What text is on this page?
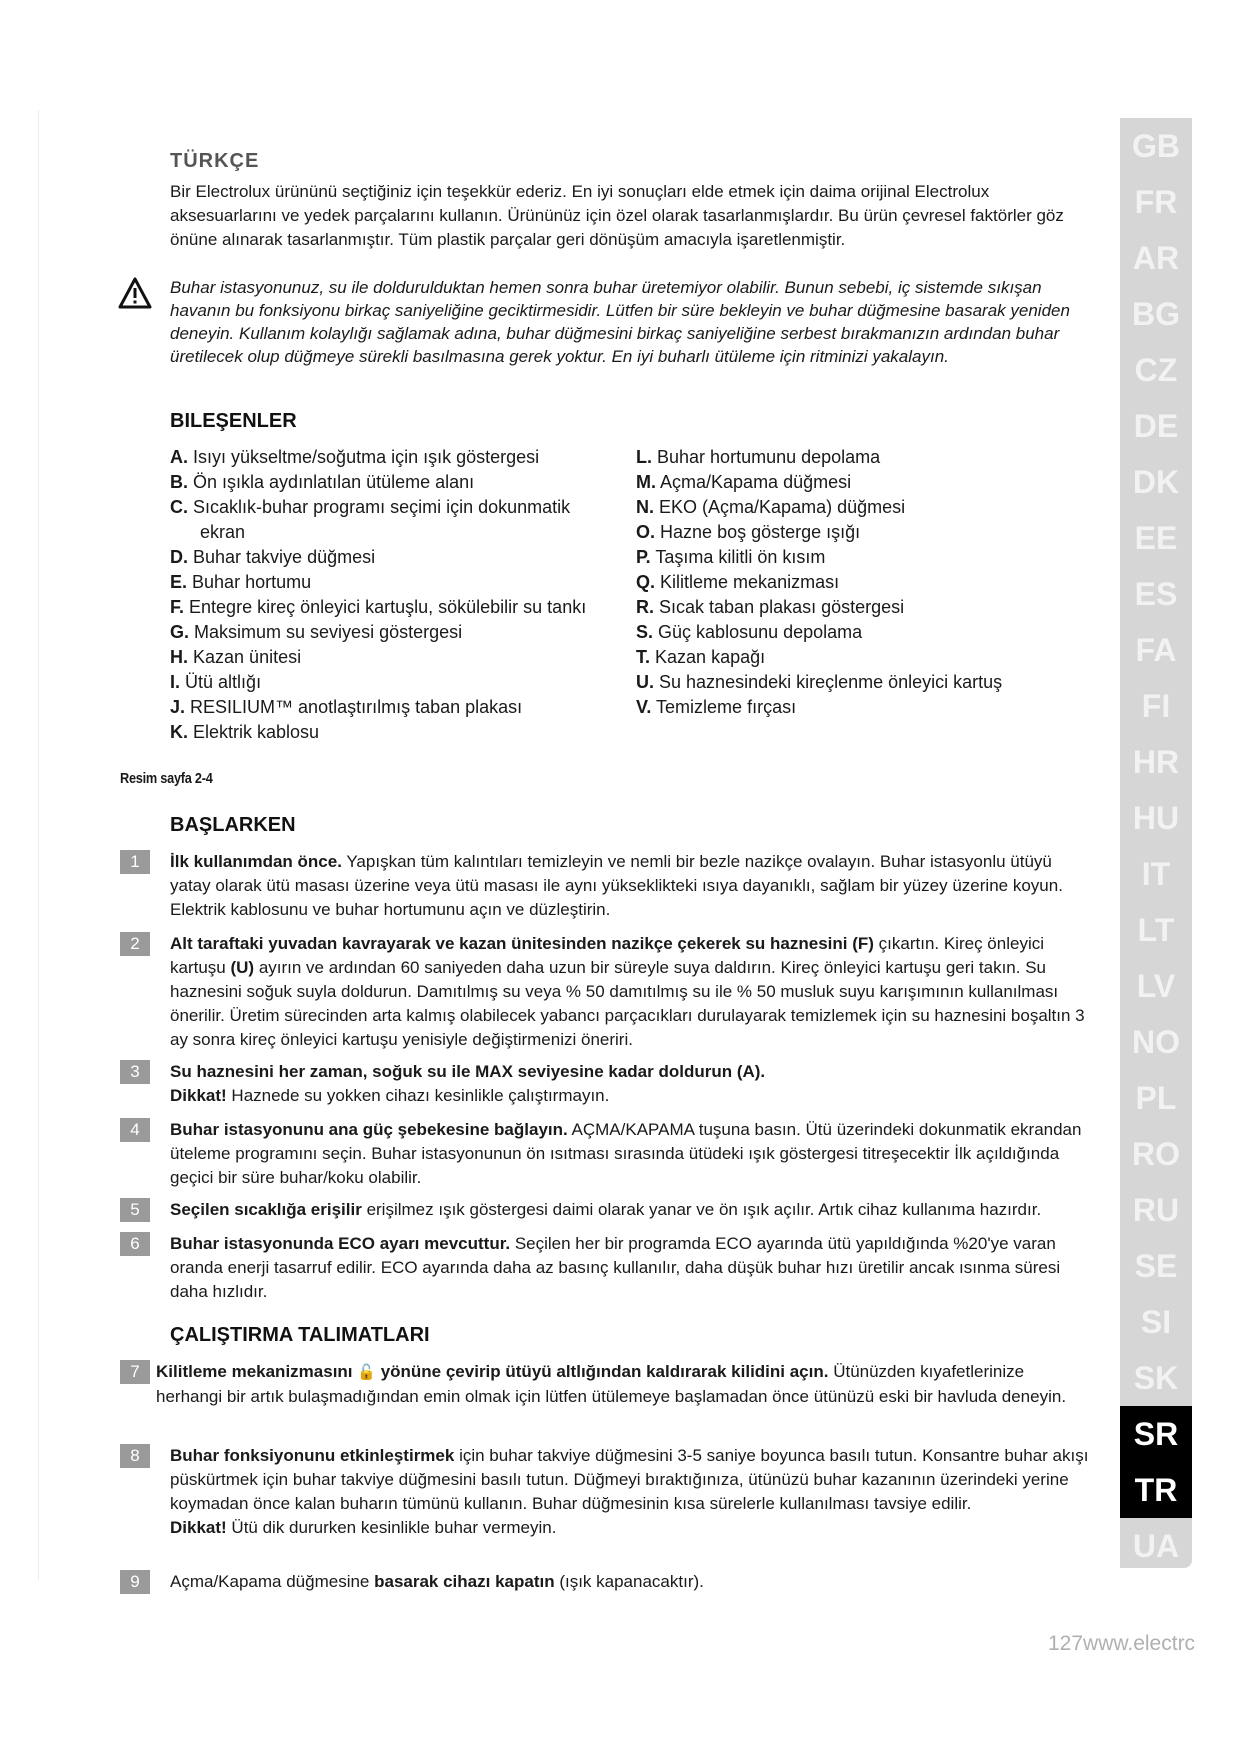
TÜRKÇE

Bir Electrolux ürününü seçtiğiniz için teşekkür ederiz. En iyi sonuçları elde etmek için daima orijinal Electrolux aksesuarlarını ve yedek parçalarını kullanın. Ürününüz için özel olarak tasarlanmışlardır. Bu ürün çevresel faktörler göz önüne alınarak tasarlanmıştır. Tüm plastik parçalar geri dönüşüm amacıyla işaretlenmiştir.

Buhar istasyonunuz, su ile doldurulduktan hemen sonra buhar üretemiyor olabilir. Bunun sebebi, iç sistemde sıkışan havanın bu fonksiyonu birkaç saniyeliğine geciktirmesidir. Lütfen bir süre bekleyin ve buhar düğmesine basarak yeniden deneyin. Kullanım kolaylığı sağlamak adına, buhar düğmesini birkaç saniyeliğine serbest bırakmanızın ardından buhar üretilecek olup düğmeye sürekli basılmasına gerek yoktur. En iyi buharlı ütüleme için ritminizi yakalayın.

BILEŞENLER
A. Isıyı yükseltme/soğutma için ışık göstergesi
B. Ön ışıkla aydınlatılan ütüleme alanı
C. Sıcaklık-buhar programı seçimi için dokunmatik
ekran
D. Buhar takviye düğmesi
E. Buhar hortumu
F. Entegre kireç önleyici kartuşlu, sökülebilir su tankı
G. Maksimum su seviyesi göstergesi
H. Kazan ünitesi
I. Ütü altlığı
J. RESILIUM™ anotlaştırılmış taban plakası
K. Elektrik kablosu
L. Buhar hortumunu depolama
M. Açma/Kapama düğmesi
N. EKO (Açma/Kapama) düğmesi
O. Hazne boş gösterge ışığı
P. Taşıma kilitli ön kısım
Q. Kilitleme mekanizması
R. Sıcak taban plakası göstergesi
S. Güç kablosunu depolama
T. Kazan kapağı
U. Su haznesindeki kireçlenme önleyici kartuş
V. Temizleme fırçası
Resim sayfa 2-4
BAŞLARKEN
1	İlk kullanımdan önce. Yapışkan tüm kalıntıları temizleyin ve nemli bir bezle nazikçe ovalayın. Buhar istasyonlu ütüyü yatay olarak ütü masası üzerine veya ütü masası ile aynı yükseklikteki ısıya dayanıklı, sağlam bir yüzey üzerine koyun. Elektrik kablosunu ve buhar hortumunu açın ve düzleştirin.

2	Alt taraftaki yuvadan kavrayarak ve kazan ünitesinden nazikçe çekerek su haznesini (F) çıkartın. Kireç önleyici kartuşu (U) ayırın ve ardından 60 saniyeden daha uzun bir süreyle suya daldırın. Kireç önleyici kartuşu geri takın. Su haznesini soğuk suyla doldurun. Damıtılmış su veya % 50 damıtılmış su ile % 50 musluk suyu karışımının kullanılması önerilir. Üretim sürecinden arta kalmış olabilecek yabancı parçacıkları durulayarak temizlemek için su haznesini boşaltın 3 ay sonra kireç önleyici kartuşu yenisiyle değiştirmenizi öneriri.

3	Su haznesini her zaman, soğuk su ile MAX seviyesine kadar doldurun (A).
Dikkat! Haznede su yokken cihazı kesinlikle çalıştırmayın.

4	Buhar istasyonunu ana güç şebekesine bağlayın. AÇMA/KAPAMA tuşuna basın. Ütü üzerindeki dokunmatik ekrandan üteleme programını seçin. Buhar istasyonunun ön ısıtması sırasında ütüdeki ışık göstergesi titreşecektir İlk açıldığında geçici bir süre buhar/koku olabilir.

5	Seçilen sıcaklığa erişilir erişilmez ışık göstergesi daimi olarak yanar ve ön ışık açılır. Artık cihaz kullanıma hazırdır.

6	Buhar istasyonunda ECO ayarı mevcuttur. Seçilen her bir programda ECO ayarında ütü yapıldığında %20'ye varan oranda enerji tasarruf edilir. ECO ayarında daha az basınç kullanılır, daha düşük buhar hızı üretilir ancak ısınma süresi daha hızlıdır.

ÇALIŞTIRMA TALIMATLARI
7 Kilitleme mekanizmasını 🔓 yönüne çevirip ütüyü altlığından kaldırarak kilidini açın. Ütünüzden kıyafetlerinize herhangi bir artık bulaşmadığından emin olmak için lütfen ütülemeye başlamadan önce ütünüzü eski bir havluda deneyin.

8	Buhar fonksiyonunu etkinleştirmek için buhar takviye düğmesini 3-5 saniye boyunca basılı tutun. Konsantre buhar akışı püskürtmek için buhar takviye düğmesini basılı tutun. Düğmeyi bıraktığınıza, ütünüzü buhar kazanının üzerindeki yerine koymadan önce kalan buharın tümünü kullanın. Buhar düğmesinin kısa sürelerle kullanılması tavsiye edilir.
Dikkat! Ütü dik dururken kesinlikle buhar vermeyin.

9	Açma/Kapama düğmesine basarak cihazı kapatın (ışık kapanacaktır).

GB
FR
AR
BG
CZ
DE
DK
EE
ES
FA
FI
HR
HU
IT
LT
LV
NO
PL
RO
RU
SE
SI
SK
SR
TR
UA
127www.electrc
